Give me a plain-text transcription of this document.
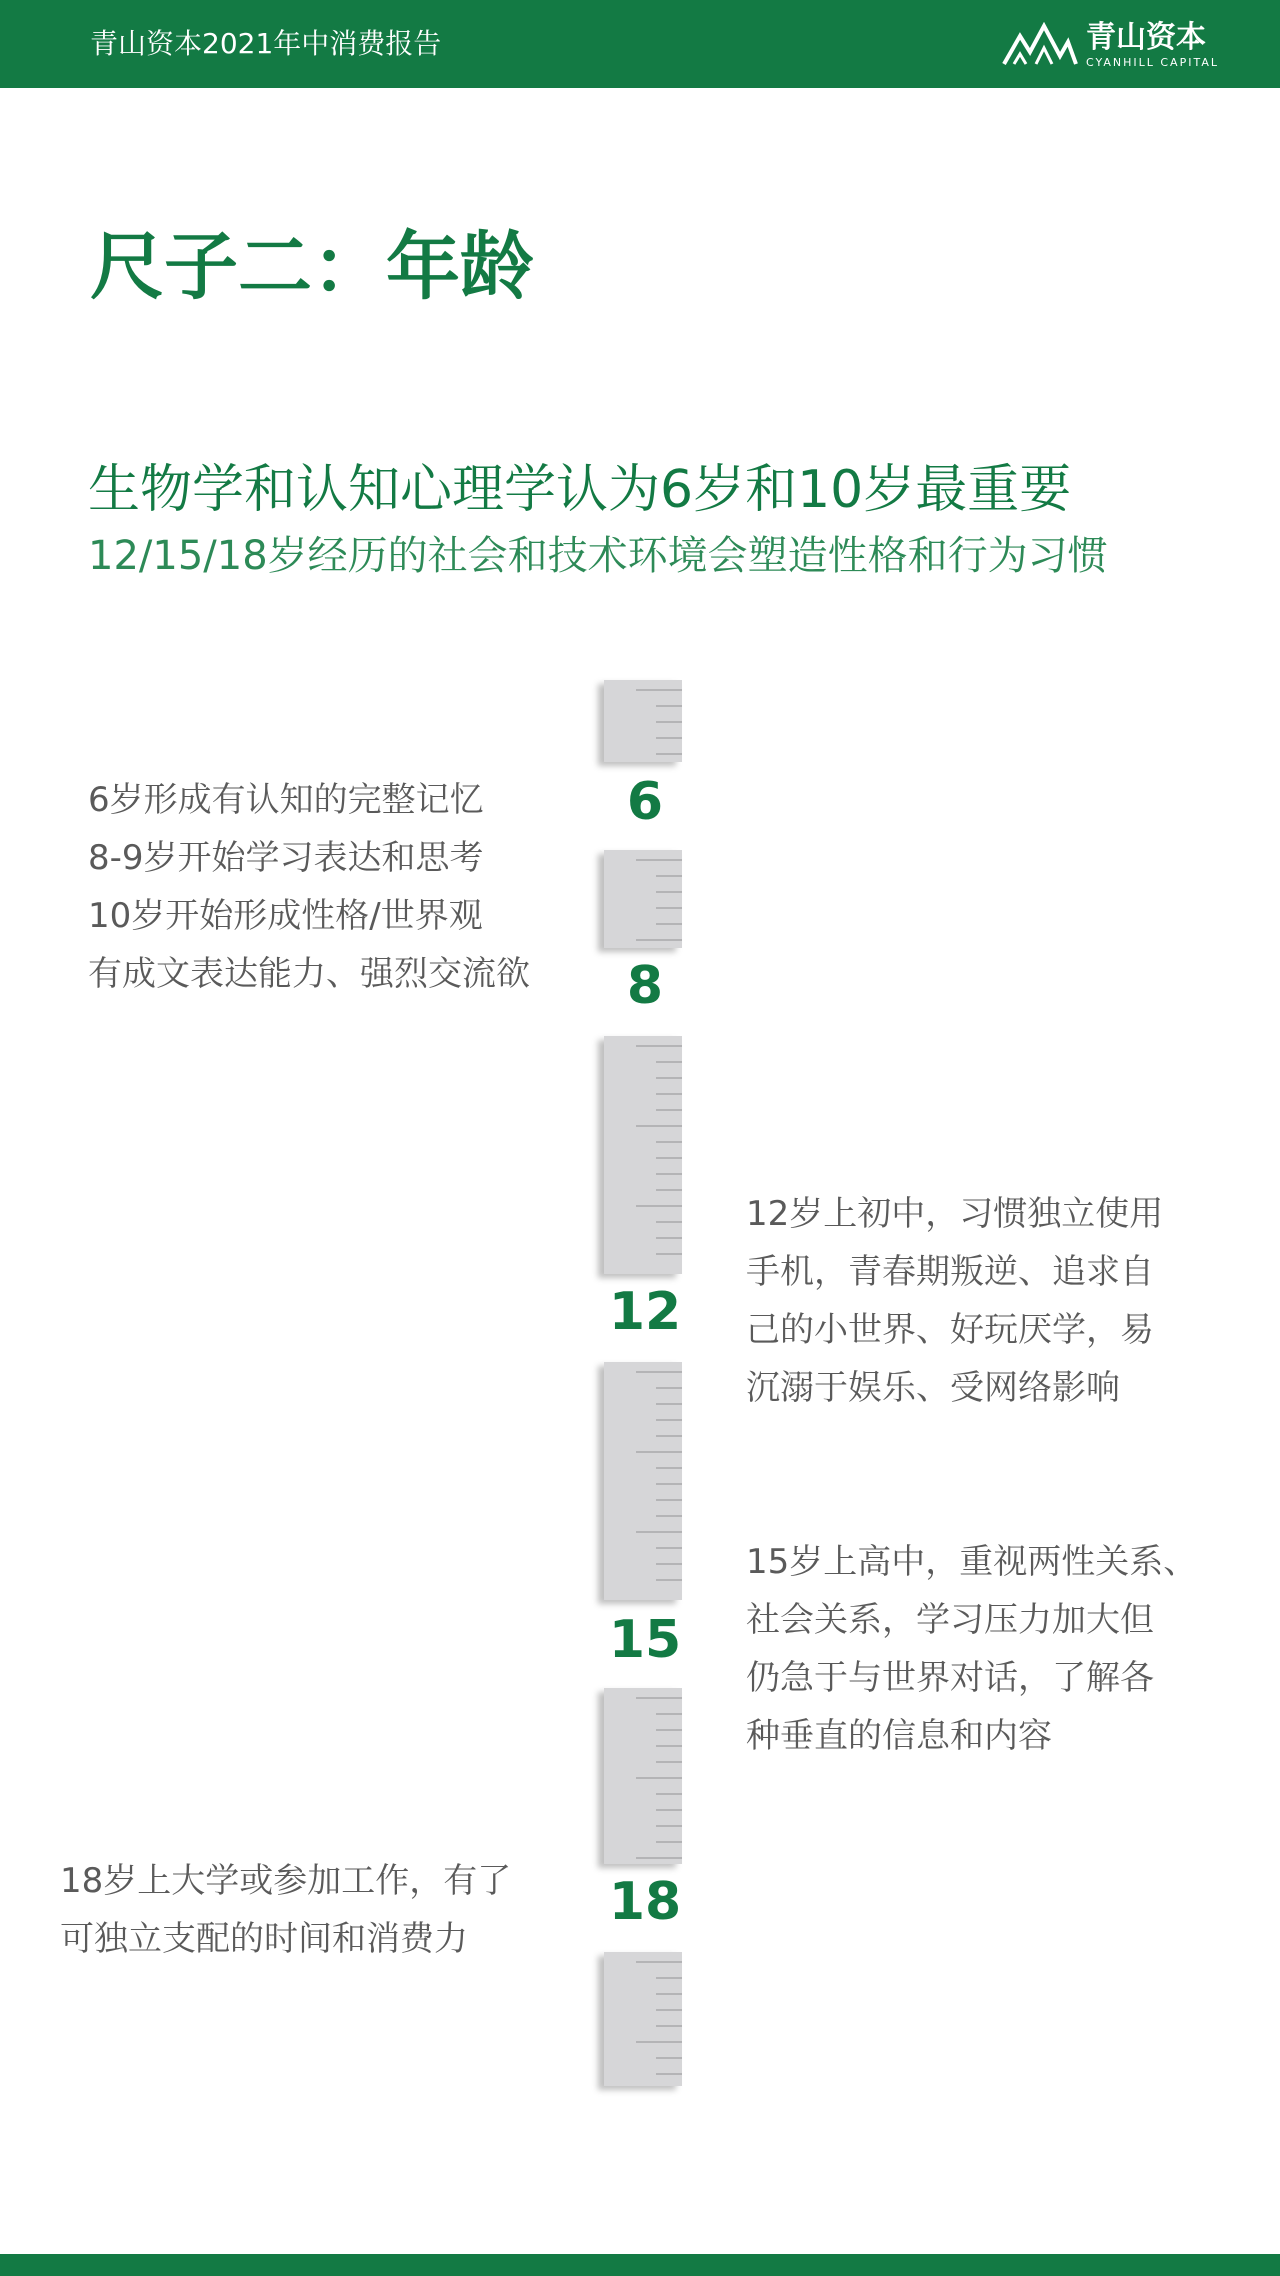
青山资本2021年中消费报告	青山资本
CYANHILL CAPITAL
尺子二：年龄
生物学和认知心理学认为6岁和10岁最重要
12/15/18岁经历的社会和技术环境会塑造性格和行为习惯
6
8
12
15
18
6岁形成有认知的完整记忆
8-9岁开始学习表达和思考
10岁开始形成性格/世界观
有成文表达能力、强烈交流欲
12岁上初中，习惯独立使用
手机，青春期叛逆、追求自
己的小世界、好玩厌学，易
沉溺于娱乐、受网络影响
15岁上高中，重视两性关系、
社会关系，学习压力加大但
仍急于与世界对话，了解各
种垂直的信息和内容
18岁上大学或参加工作，有了
可独立支配的时间和消费力
